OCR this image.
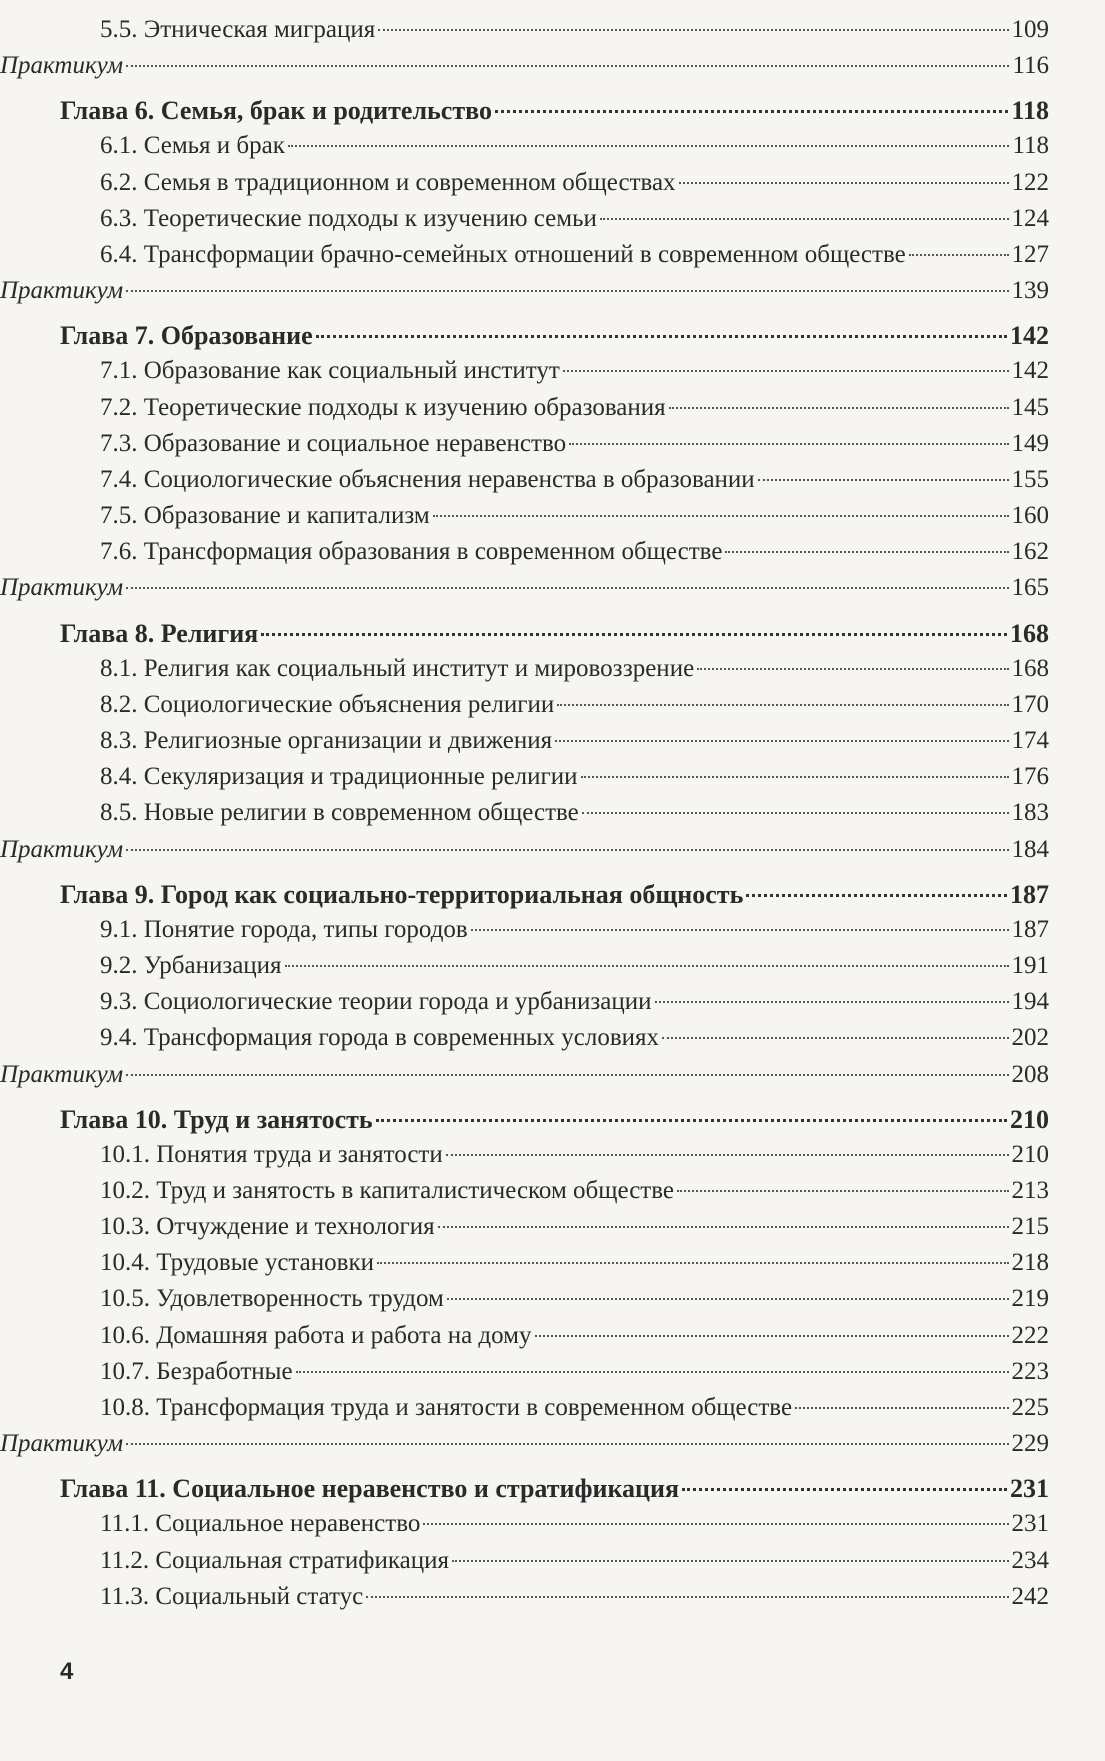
5.5. Этническая миграция	109
Практикум	116
Глава 6. Семья, брак и родительство	118
6.1. Семья и брак	118
6.2. Семья в традиционном и современном обществах	122
6.3. Теоретические подходы к изучению семьи	124
6.4. Трансформации брачно-семейных отношений в современном обществе	127
Практикум	139
Глава 7. Образование	142
7.1. Образование как социальный институт	142
7.2. Теоретические подходы к изучению образования	145
7.3. Образование и социальное неравенство	149
7.4. Социологические объяснения неравенства в образовании	155
7.5. Образование и капитализм	160
7.6. Трансформация образования в современном обществе	162
Практикум	165
Глава 8. Религия	168
8.1. Религия как социальный институт и мировоззрение	168
8.2. Социологические объяснения религии	170
8.3. Религиозные организации и движения	174
8.4. Секуляризация и традиционные религии	176
8.5. Новые религии в современном обществе	183
Практикум	184
Глава 9. Город как социально-территориальная общность	187
9.1. Понятие города, типы городов	187
9.2. Урбанизация	191
9.3. Социологические теории города и урбанизации	194
9.4. Трансформация города в современных условиях	202
Практикум	208
Глава 10. Труд и занятость	210
10.1. Понятия труда и занятости	210
10.2. Труд и занятость в капиталистическом обществе	213
10.3. Отчуждение и технология	215
10.4. Трудовые установки	218
10.5. Удовлетворенность трудом	219
10.6. Домашняя работа и работа на дому	222
10.7. Безработные	223
10.8. Трансформация труда и занятости в современном обществе	225
Практикум	229
Глава 11. Социальное неравенство и стратификация	231
11.1. Социальное неравенство	231
11.2. Социальная стратификация	234
11.3. Социальный статус	242
4
